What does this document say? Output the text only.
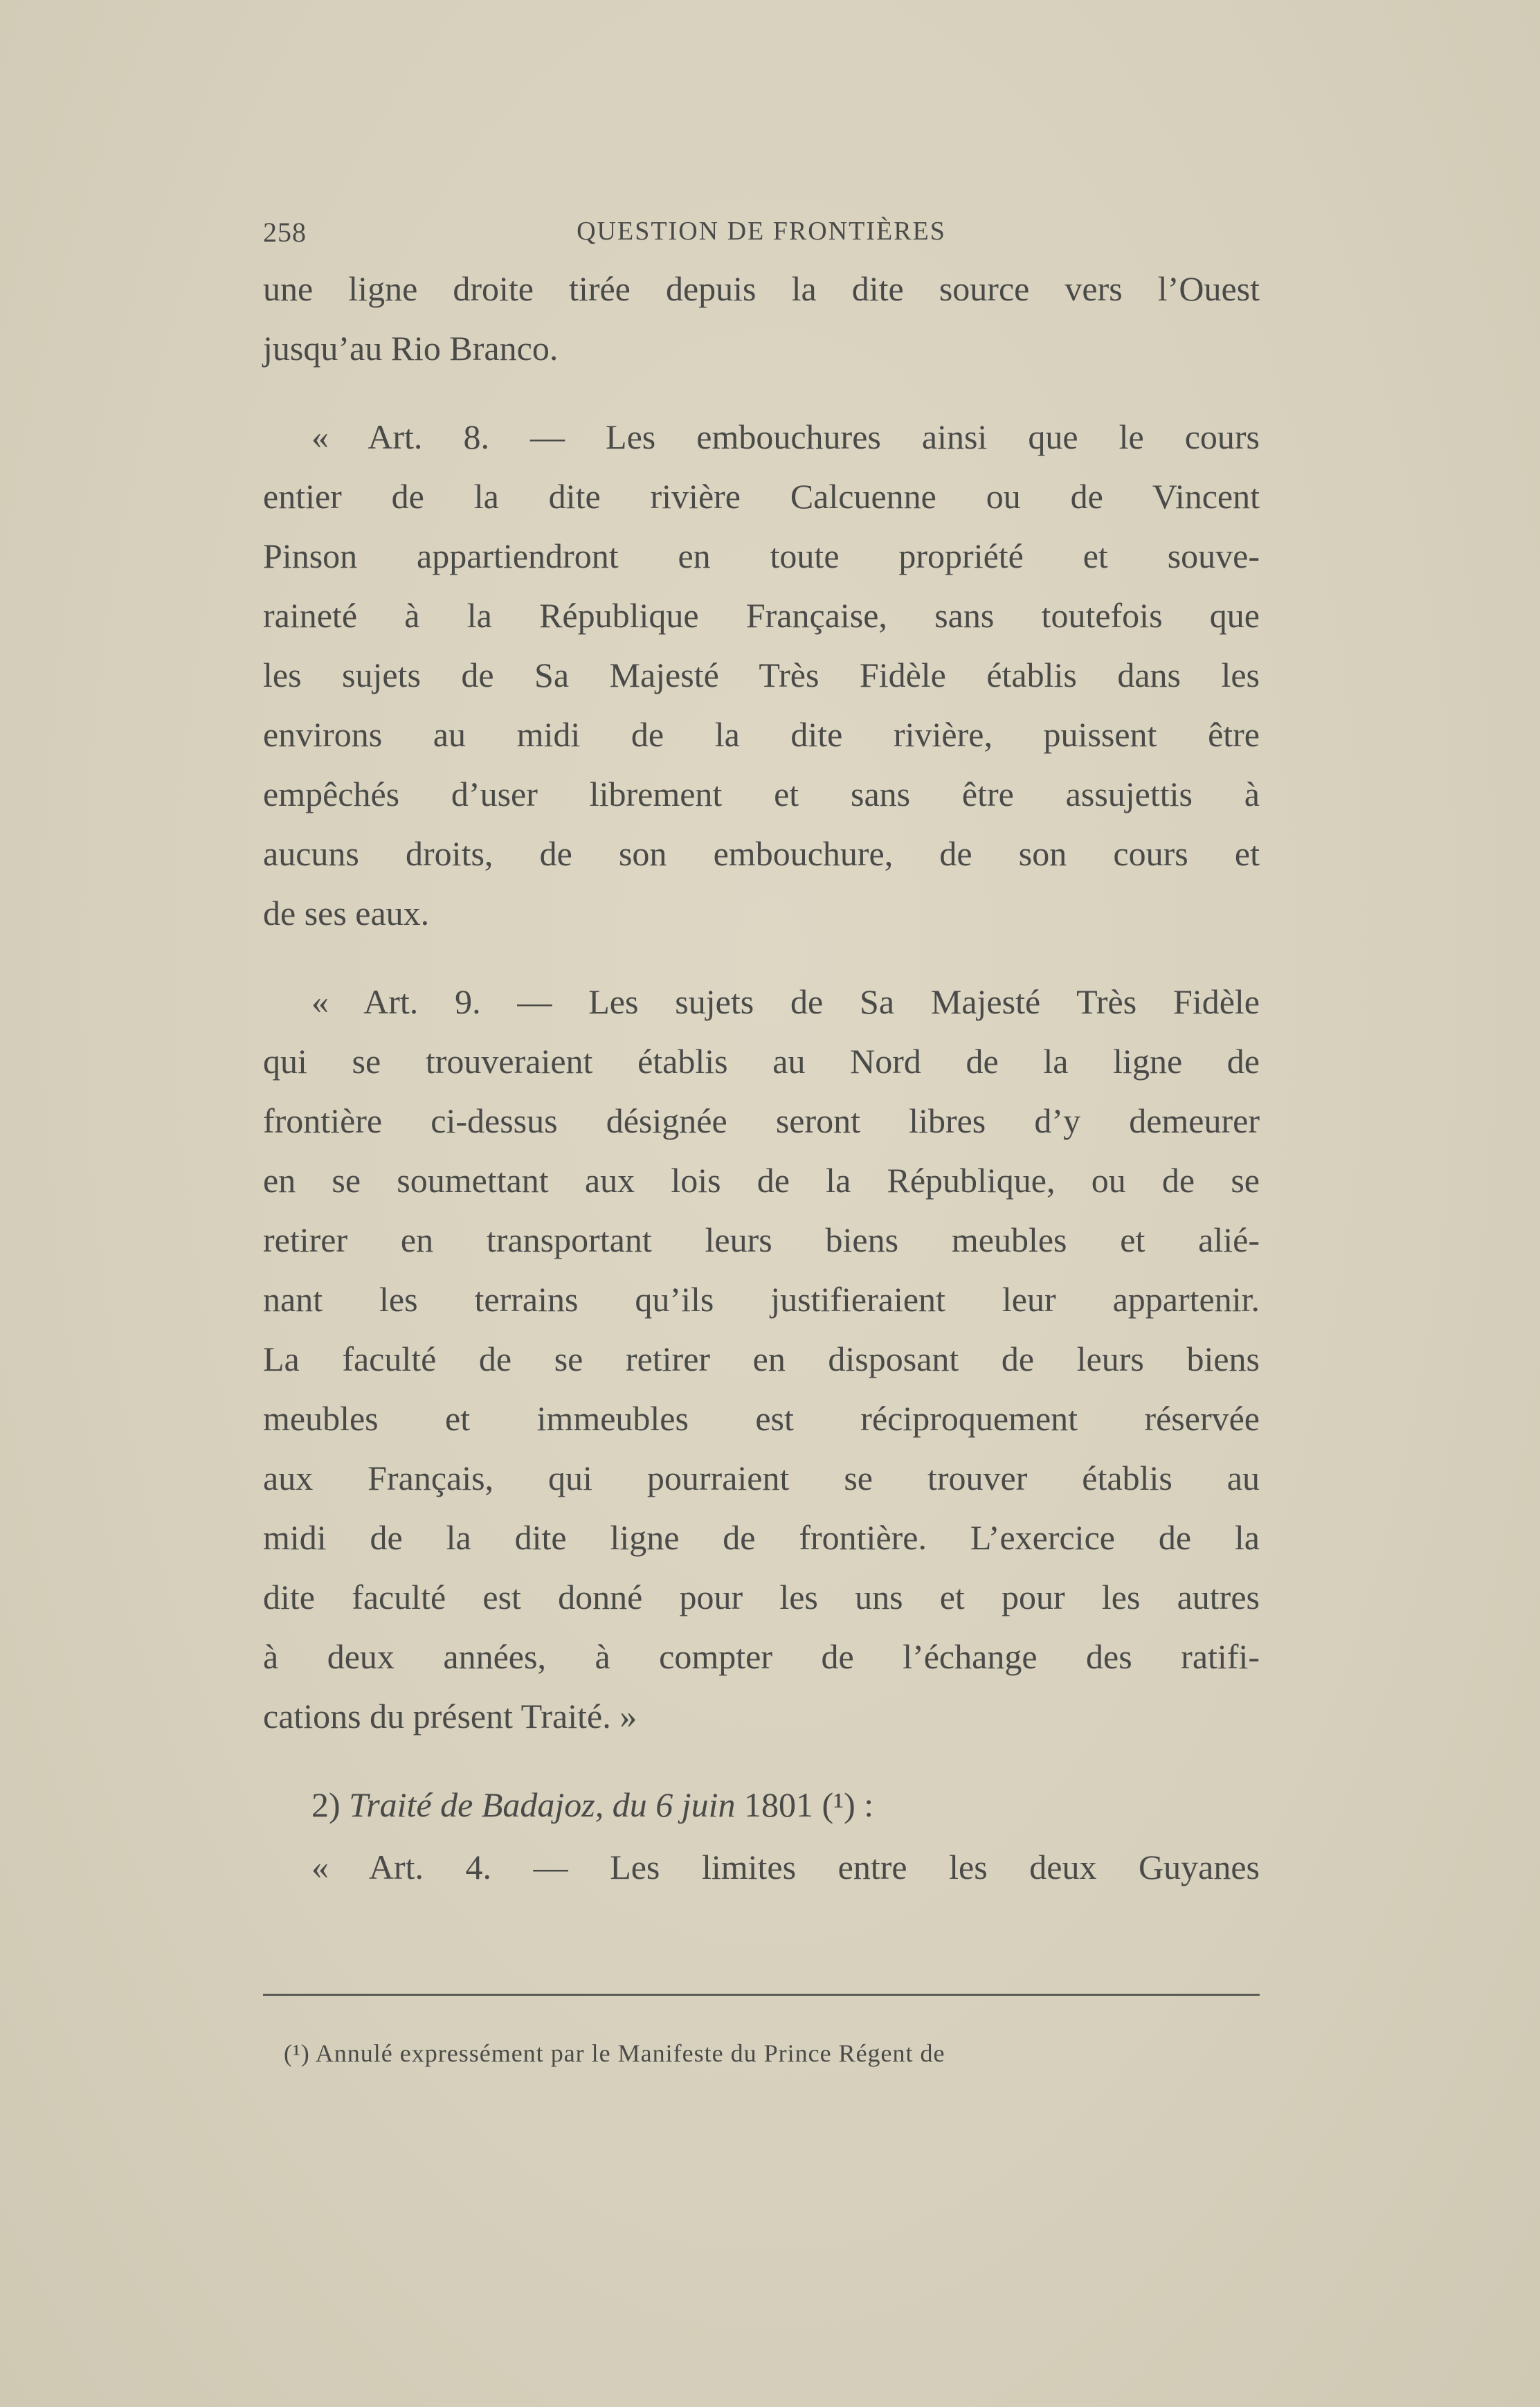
258	QUESTION DE FRONTIÈRES
une ligne droite tirée depuis la dite source vers l’Ouest
jusqu’au Rio Branco.
« Art. 8. — Les embouchures ainsi que le cours
entier de la dite rivière Calcuenne ou de Vincent
Pinson appartiendront en toute propriété et souve-
raineté à la République Française, sans toutefois que
les sujets de Sa Majesté Très Fidèle établis dans les
environs au midi de la dite rivière, puissent être
empêchés d’user librement et sans être assujettis à
aucuns droits, de son embouchure, de son cours et
de ses eaux.
« Art. 9. — Les sujets de Sa Majesté Très Fidèle
qui se trouveraient établis au Nord de la ligne de
frontière ci-dessus désignée seront libres d’y demeurer
en se soumettant aux lois de la République, ou de se
retirer en transportant leurs biens meubles et alié-
nant les terrains qu’ils justifieraient leur appartenir.
La faculté de se retirer en disposant de leurs biens
meubles et immeubles est réciproquement réservée
aux Français, qui pourraient se trouver établis au
midi de la dite ligne de frontière. L’exercice de la
dite faculté est donné pour les uns et pour les autres
à deux années, à compter de l’échange des ratifi-
cations du présent Traité. »
2) Traité de Badajoz, du 6 juin 1801 (¹) :
« Art. 4. — Les limites entre les deux Guyanes
(¹) Annulé expressément par le Manifeste du Prince Régent de
